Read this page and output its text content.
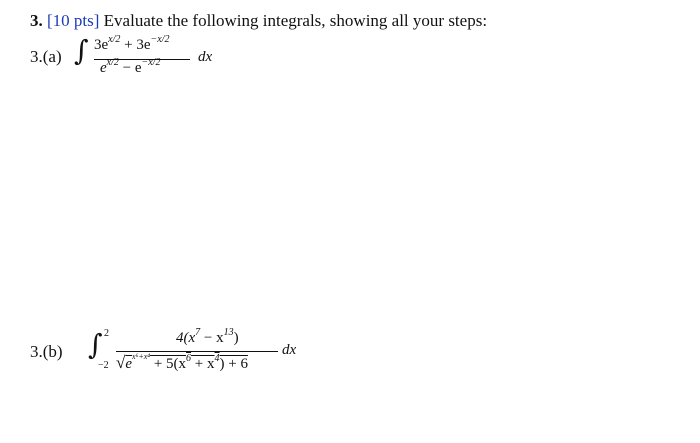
3. [10 pts] Evaluate the following integrals, showing all your steps:
3.(a) ∫ $3e^{x/2} + 3e^{-x/2}$
$e^{x/2} - e^{-x/2}$	dx
3.(b) ∫ 2
−2
$4(x^7 - x^{13})$
$√e^{x^6+x^4} + 5(x^6 + x^4) + 6$
dx
